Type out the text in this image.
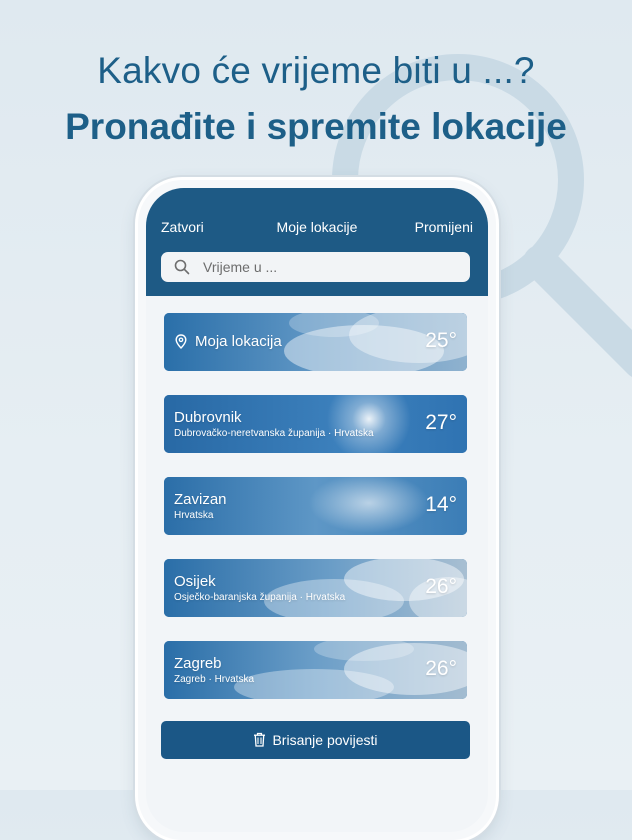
Kakvo će vrijeme biti u ...?
Pronađite i spremite lokacije
Zatvori	Moje lokacije	Promijeni
Vrijeme u ...
Moja lokacija	25°
Dubrovnik
Dubrovačko-neretvanska županija · Hrvatska 27°
Zavizan
Hrvatska	14°
Osijek
Osječko-baranjska županija · Hrvatska	26°
Zagreb
Zagreb · Hrvatska	26°
Brisanje povijesti
